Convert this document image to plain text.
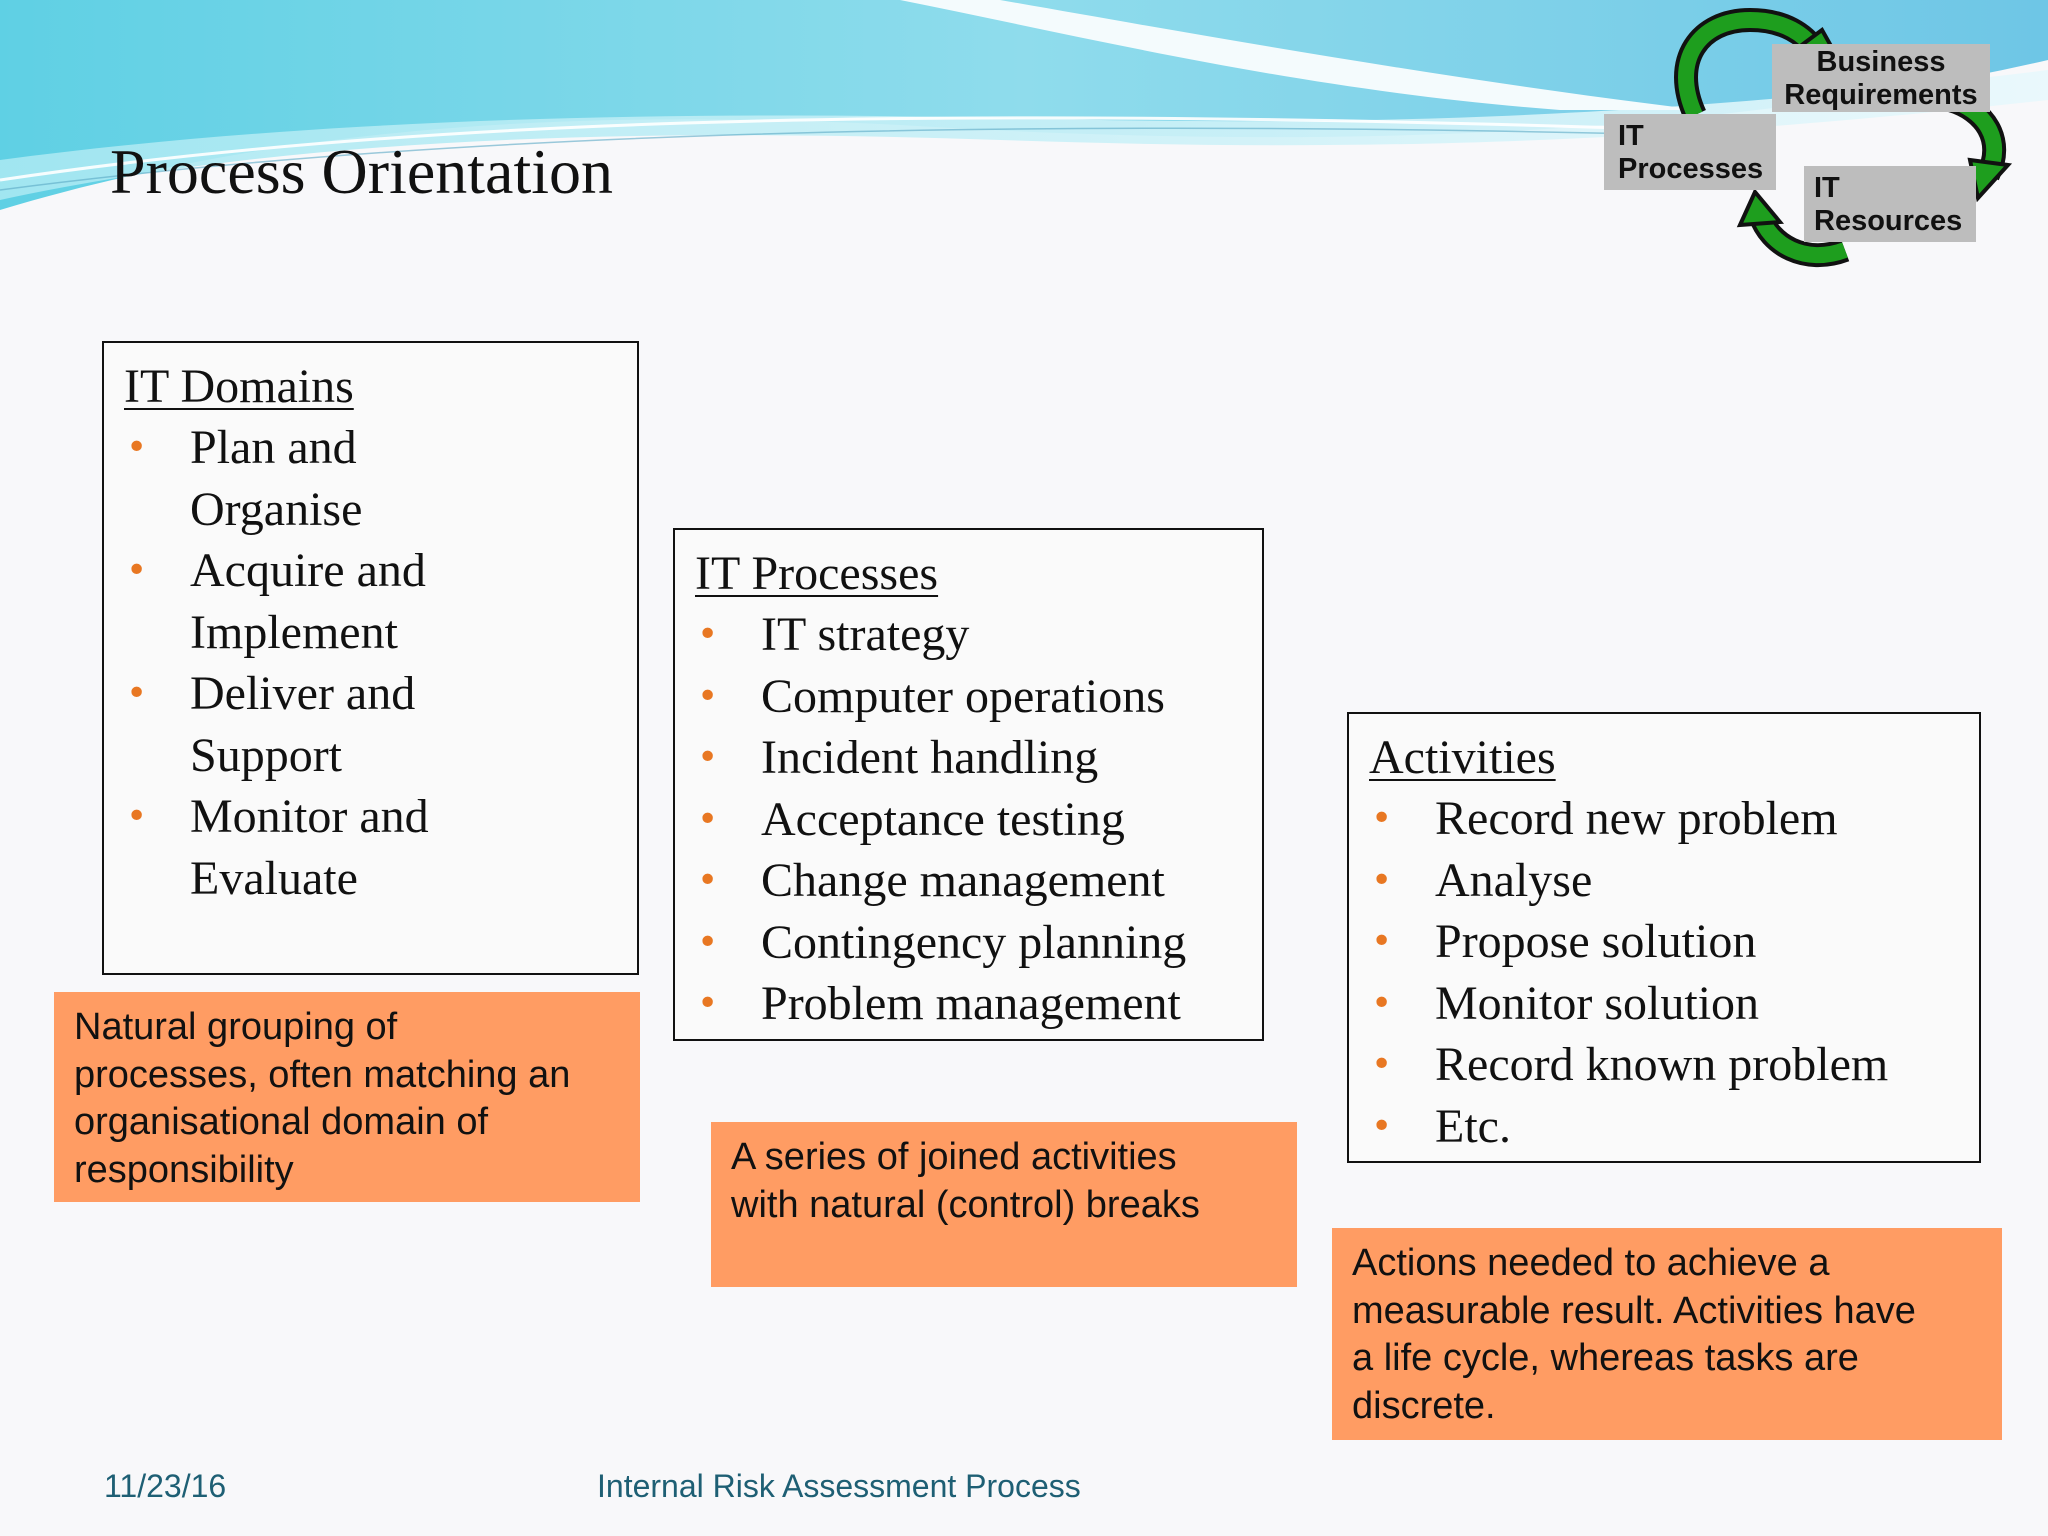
Process Orientation
Business
Requirements
IT
Processes
IT
Resources
IT Domains
• Plan and
Organise
• Acquire and
Implement
• Deliver and
Support
• Monitor and
Evaluate
Natural grouping of
processes, often matching an
organisational domain of
responsibility
IT Processes
• IT strategy
• Computer operations
• Incident handling
• Acceptance testing
• Change management
• Contingency planning
• Problem management
A series of joined activities
with natural (control) breaks
Activities
• Record new problem
• Analyse
• Propose solution
• Monitor solution
• Record known problem
• Etc.
Actions needed to achieve a
measurable result. Activities have
a life cycle, whereas tasks are
discrete.
11/23/16	Internal Risk Assessment Process
